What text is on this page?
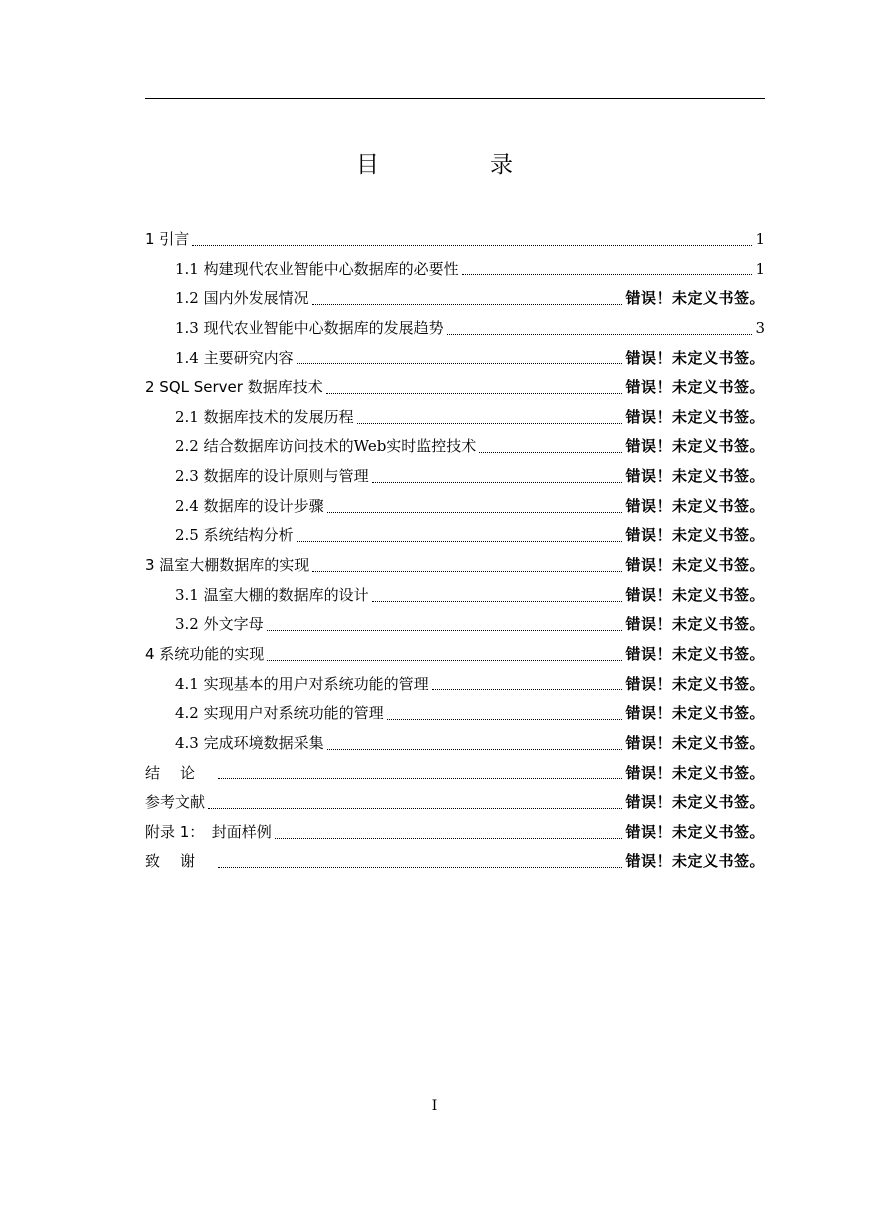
目　录
1 引言	1
1.1 构建现代农业智能中心数据库的必要性	1
1.2 国内外发展情况	错误！未定义书签。
1.3 现代农业智能中心数据库的发展趋势	3
1.4 主要研究内容	错误！未定义书签。
2 SQL Server 数据库技术	错误！未定义书签。
2.1 数据库技术的发展历程	错误！未定义书签。
2.2 结合数据库访问技术的Web实时监控技术	错误！未定义书签。
2.3 数据库的设计原则与管理	错误！未定义书签。
2.4 数据库的设计步骤	错误！未定义书签。
2.5 系统结构分析	错误！未定义书签。
3 温室大棚数据库的实现	错误！未定义书签。
3.1 温室大棚的数据库的设计	错误！未定义书签。
3.2 外文字母	错误！未定义书签。
4 系统功能的实现	错误！未定义书签。
4.1 实现基本的用户对系统功能的管理	错误！未定义书签。
4.2 实现用户对系统功能的管理	错误！未定义书签。
4.3 完成环境数据采集	错误！未定义书签。
结论	错误！未定义书签。
参考文献	错误！未定义书签。
附录 1：　封面样例	错误！未定义书签。
致谢	错误！未定义书签。
I
